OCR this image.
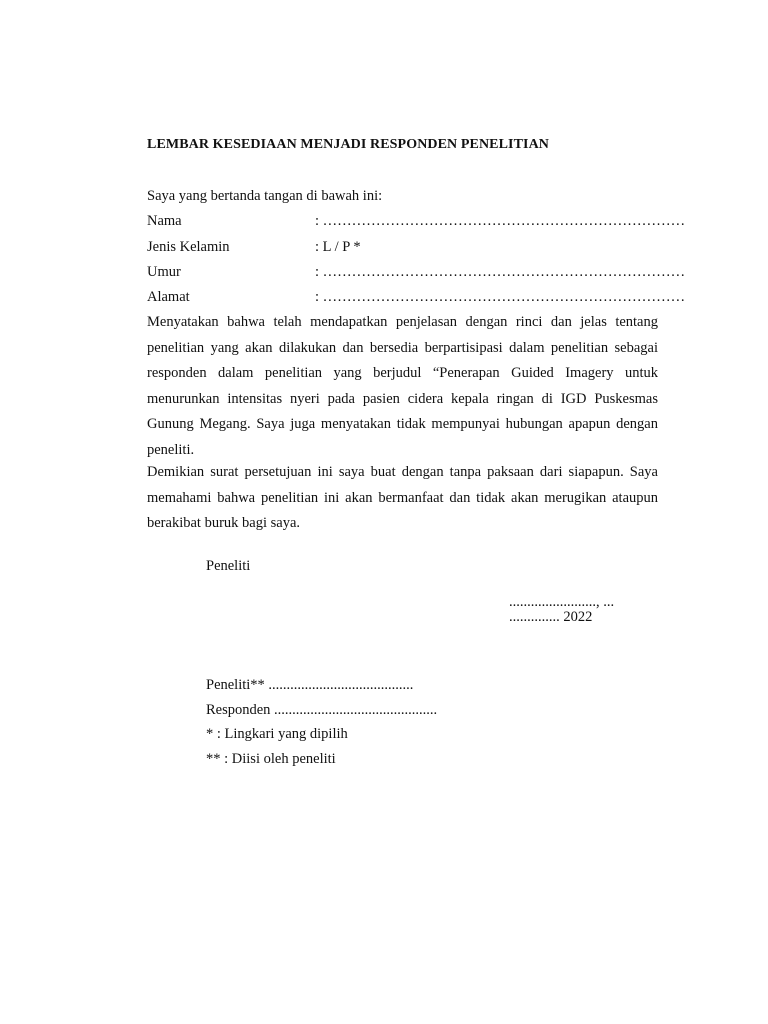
LEMBAR KESEDIAAN MENJADI RESPONDEN PENELITIAN
Saya yang bertanda tangan di bawah ini:
Nama	: …………………………………………………………………
Jenis Kelamin	: L / P *
Umur	: …………………………………………………………………
Alamat	: …………………………………………………………………
Menyatakan bahwa telah mendapatkan penjelasan dengan rinci dan jelas tentang penelitian yang akan dilakukan dan bersedia berpartisipasi dalam penelitian sebagai responden dalam penelitian yang berjudul “Penerapan Guided Imagery untuk menurunkan intensitas nyeri pada pasien cidera kepala ringan di IGD Puskesmas Gunung Megang. Saya juga menyatakan tidak mempunyai hubungan apapun dengan peneliti.
Demikian surat persetujuan ini saya buat dengan tanpa paksaan dari siapapun. Saya memahami bahwa penelitian ini akan bermanfaat dan tidak akan merugikan ataupun berakibat buruk bagi saya.
Peneliti
........................, ...
.............. 2022
Peneliti** ........................................
Responden .............................................
* : Lingkari yang dipilih
** : Diisi oleh peneliti
